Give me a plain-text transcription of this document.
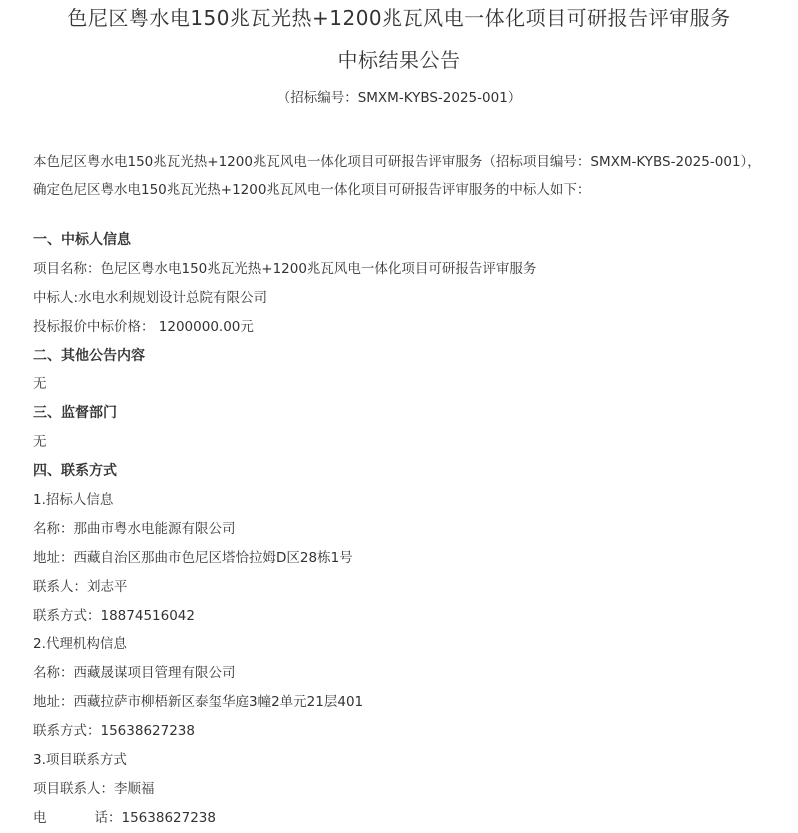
色尼区粤水电150兆瓦光热+1200兆瓦风电一体化项目可研报告评审服务
中标结果公告
（招标编号：SMXM-KYBS-2025-001）
本色尼区粤水电150兆瓦光热+1200兆瓦风电一体化项目可研报告评审服务（招标项目编号：SMXM-KYBS-2025-001），
确定色尼区粤水电150兆瓦光热+1200兆瓦风电一体化项目可研报告评审服务的中标人如下：
一、中标人信息
项目名称：色尼区粤水电150兆瓦光热+1200兆瓦风电一体化项目可研报告评审服务
中标人:水电水利规划设计总院有限公司
投标报价中标价格： 1200000.00元
二、其他公告内容
无
三、监督部门
无
四、联系方式
1.招标人信息
名称：那曲市粤水电能源有限公司
地址：西藏自治区那曲市色尼区塔恰拉姆D区28栋1号
联系人：刘志平
联系方式：18874516042
2.代理机构信息
名称：西藏晟谋项目管理有限公司
地址：西藏拉萨市柳梧新区泰玺华庭3幢2单元21层401
联系方式：15638627238
3.项目联系方式
项目联系人：李顺福
电	话：15638627238
